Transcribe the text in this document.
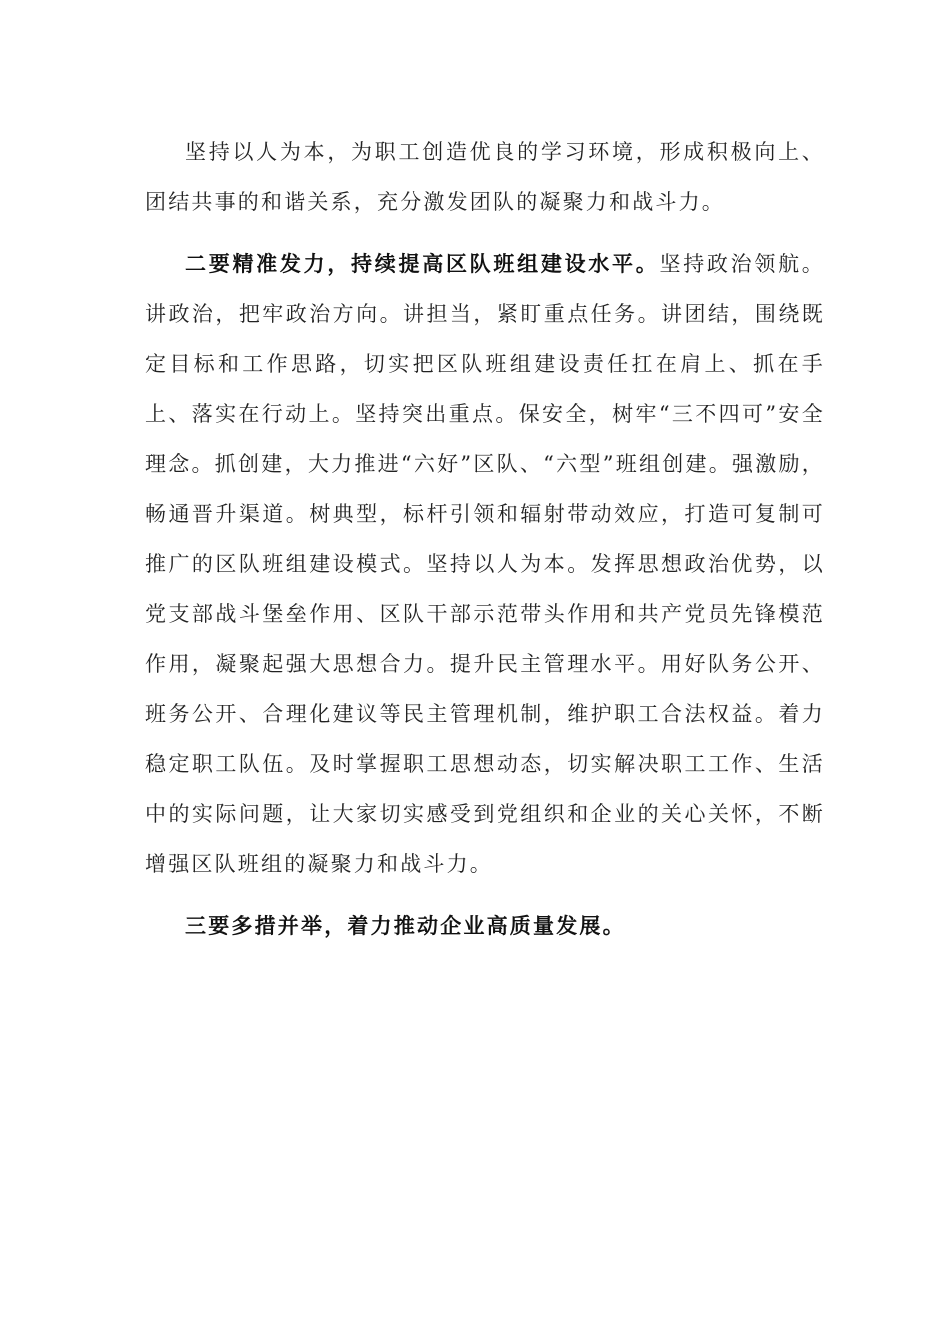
坚持以人为本，为职工创造优良的学习环境，形成积极向上、团结共事的和谐关系，充分激发团队的凝聚力和战斗力。

二要精准发力，持续提高区队班组建设水平。坚持政治领航。讲政治，把牢政治方向。讲担当，紧盯重点任务。讲团结，围绕既定目标和工作思路，切实把区队班组建设责任扛在肩上、抓在手上、落实在行动上。坚持突出重点。保安全，树牢“三不四可”安全理念。抓创建，大力推进“六好”区队、“六型”班组创建。强激励，畅通晋升渠道。树典型，标杆引领和辐射带动效应，打造可复制可推广的区队班组建设模式。坚持以人为本。发挥思想政治优势，以党支部战斗堡垒作用、区队干部示范带头作用和共产党员先锋模范作用，凝聚起强大思想合力。提升民主管理水平。用好队务公开、班务公开、合理化建议等民主管理机制，维护职工合法权益。着力稳定职工队伍。及时掌握职工思想动态，切实解决职工工作、生活中的实际问题，让大家切实感受到党组织和企业的关心关怀，不断增强区队班组的凝聚力和战斗力。

三要多措并举，着力推动企业高质量发展。
